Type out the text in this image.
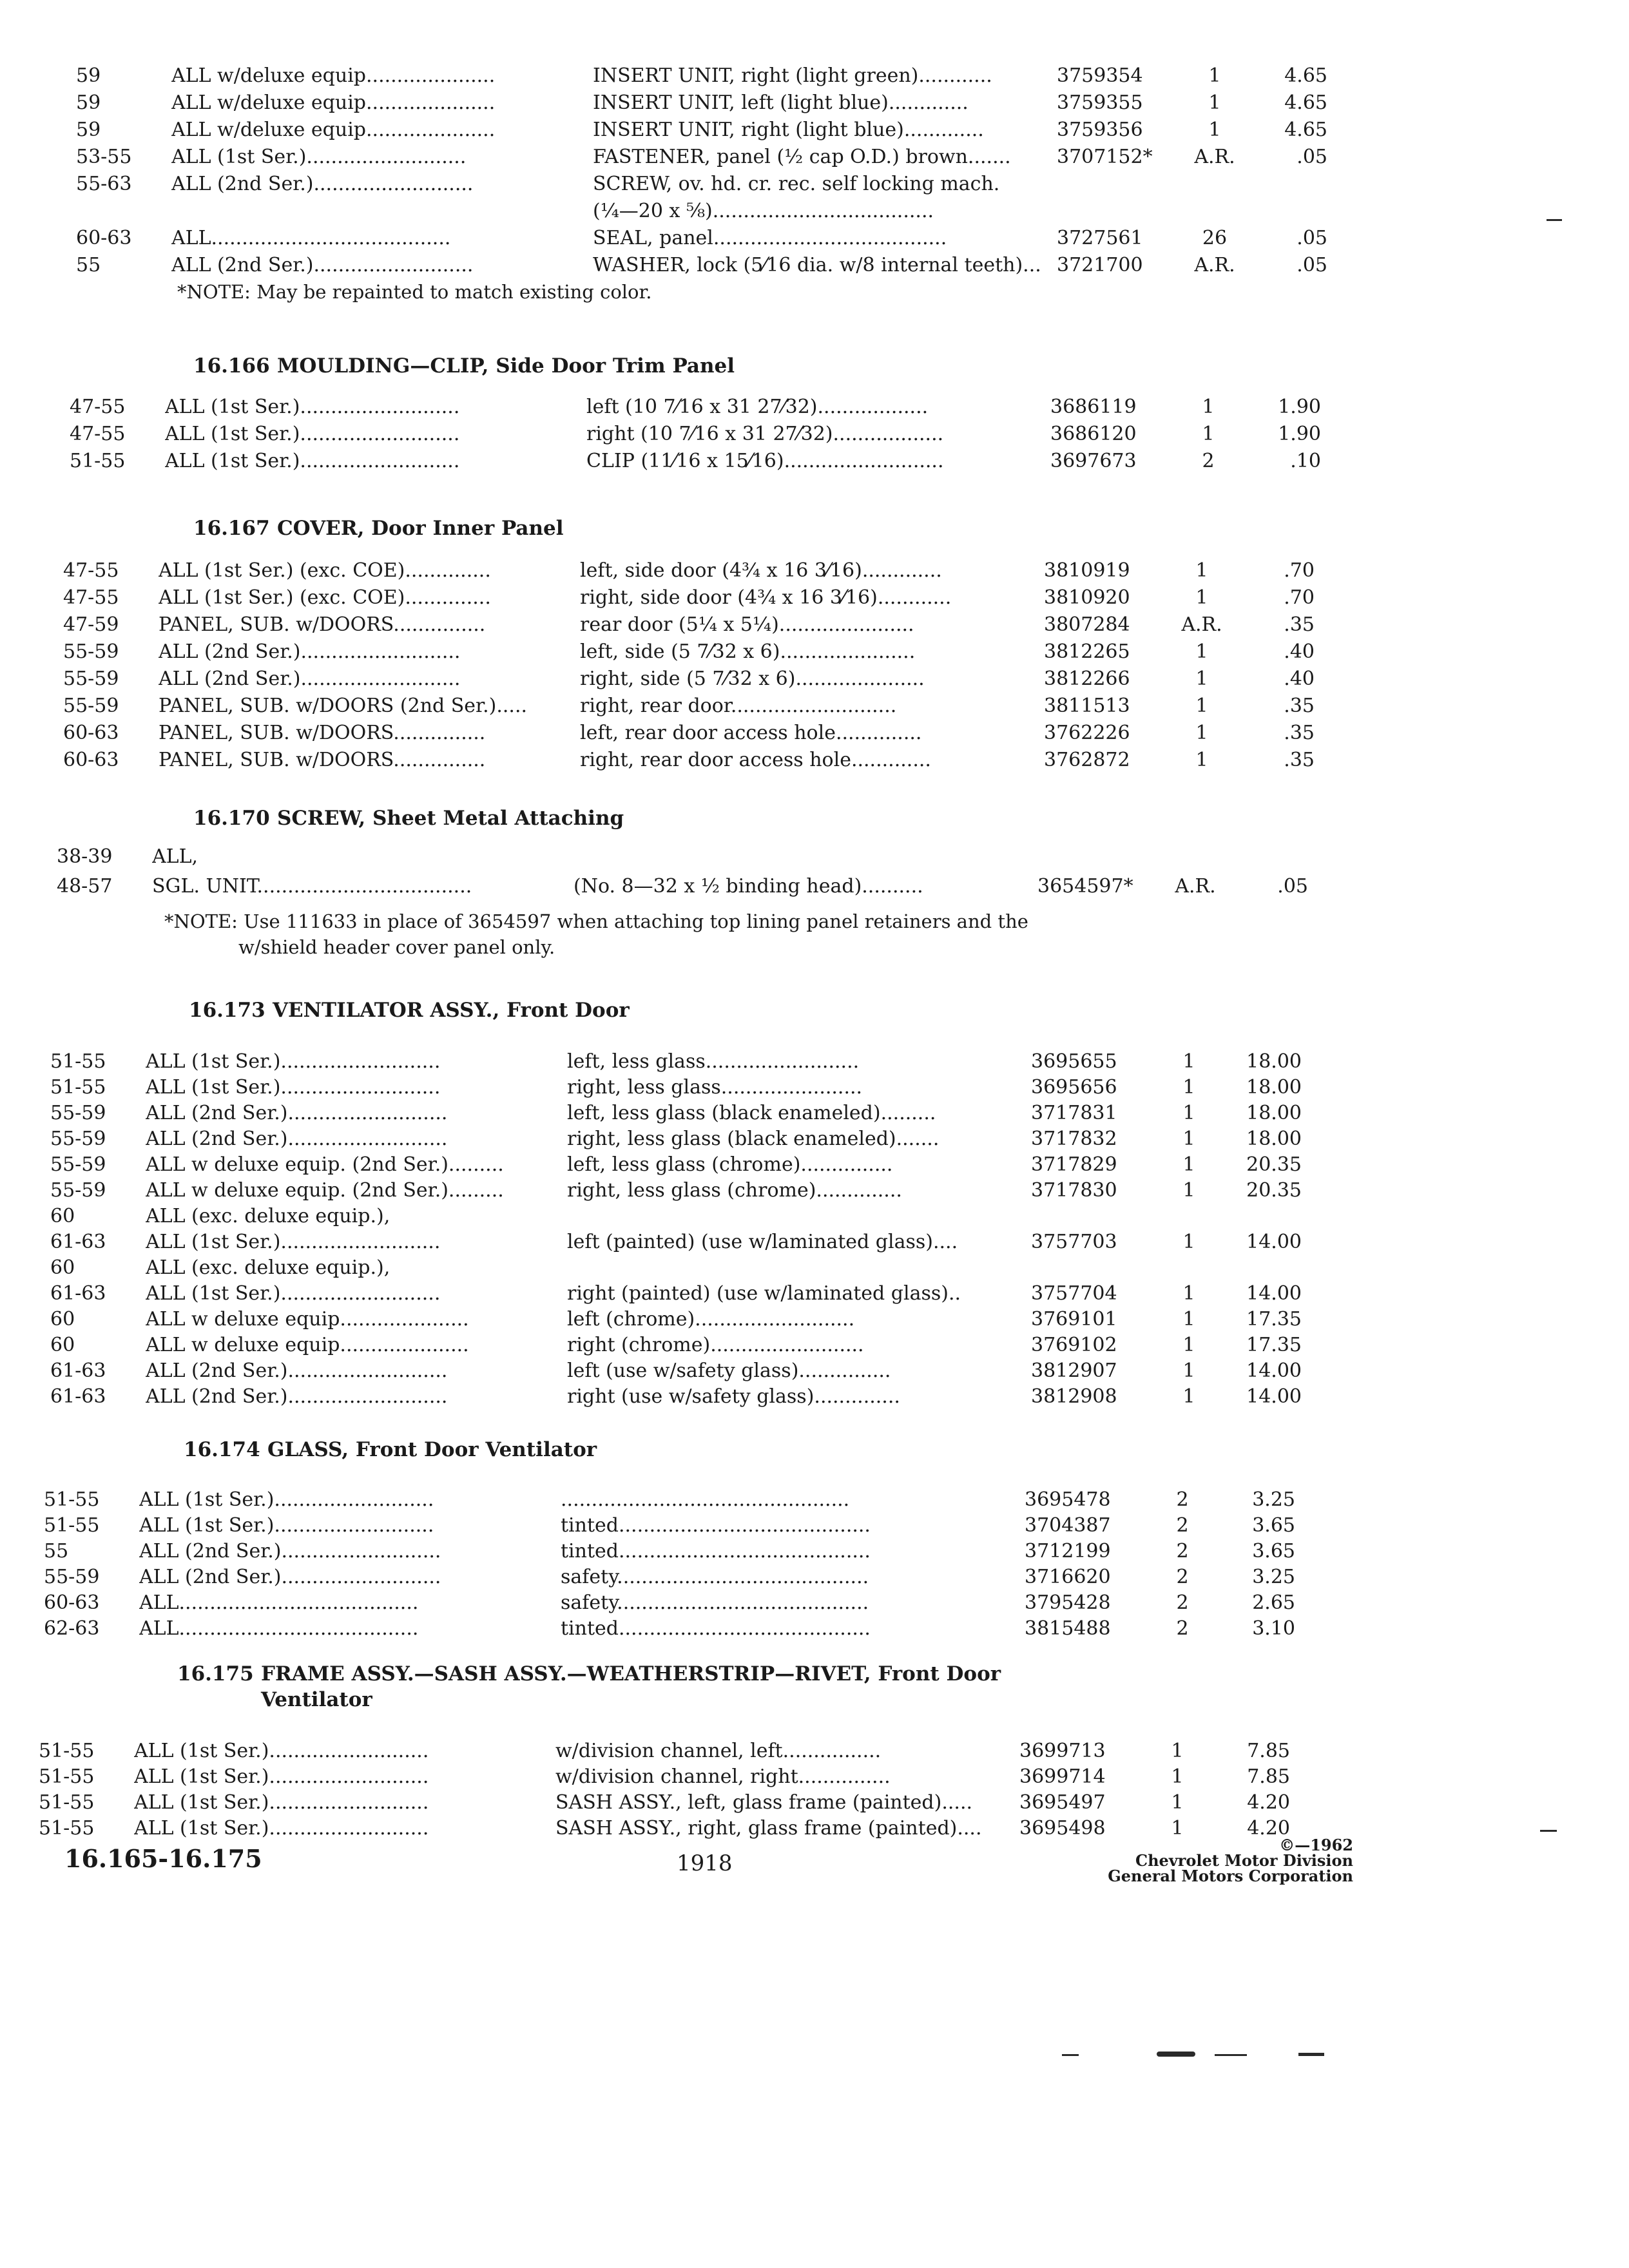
59	ALL w/deluxe equip.....................	INSERT UNIT, right (light green)............	3759354	1	4.65
59	ALL w/deluxe equip.....................	INSERT UNIT, left (light blue).............	3759355	1	4.65
59	ALL w/deluxe equip.....................	INSERT UNIT, right (light blue).............	3759356	1	4.65
53-55	ALL (1st Ser.)..........................	FASTENER, panel (½ cap O.D.) brown.......	3707152*	A.R.	.05
55-63	ALL (2nd Ser.)..........................	SCREW, ov. hd. cr. rec. self locking mach.
(¼—20 x ⅝)....................................
60-63	ALL.......................................	SEAL, panel......................................	3727561	26	.05
55	ALL (2nd Ser.)..........................	WASHER, lock (5⁄16 dia. w/8 internal teeth)... 3721700	A.R.	.05
*NOTE: May be repainted to match existing color.
16.166 MOULDING—CLIP, Side Door Trim Panel
47-55	ALL (1st Ser.)..........................	left (10 7⁄16 x 31 27⁄32)..................	3686119	1	1.90
47-55	ALL (1st Ser.)..........................	right (10 7⁄16 x 31 27⁄32)..................	3686120	1	1.90
51-55	ALL (1st Ser.)..........................	CLIP (11⁄16 x 15⁄16)..........................	3697673	2	.10
16.167 COVER, Door Inner Panel
47-55	ALL (1st Ser.) (exc. COE)..............	left, side door (4¾ x 16 3⁄16).............	3810919	1	.70
47-55	ALL (1st Ser.) (exc. COE)..............	right, side door (4¾ x 16 3⁄16)............	3810920	1	.70
47-59	PANEL, SUB. w/DOORS...............	rear door (5¼ x 5¼)......................	3807284	A.R.	.35
55-59	ALL (2nd Ser.)..........................	left, side (5 7⁄32 x 6)......................	3812265	1	.40
55-59	ALL (2nd Ser.)..........................	right, side (5 7⁄32 x 6).....................	3812266	1	.40
55-59	PANEL, SUB. w/DOORS (2nd Ser.).....	right, rear door...........................	3811513	1	.35
60-63	PANEL, SUB. w/DOORS...............	left, rear door access hole..............	3762226	1	.35
60-63	PANEL, SUB. w/DOORS...............	right, rear door access hole.............	3762872	1	.35
16.170 SCREW, Sheet Metal Attaching
38-39	ALL,
48-57	SGL. UNIT...................................	(No. 8—32 x ½ binding head)..........	3654597*	A.R.	.05
*NOTE: Use 111633 in place of 3654597 when attaching top lining panel retainers and the
w/shield header cover panel only.
16.173 VENTILATOR ASSY., Front Door
51-55	ALL (1st Ser.)..........................	left, less glass.........................	3695655	1	18.00
51-55	ALL (1st Ser.)..........................	right, less glass.......................	3695656	1	18.00
55-59	ALL (2nd Ser.)..........................	left, less glass (black enameled).........	3717831	1	18.00
55-59	ALL (2nd Ser.)..........................	right, less glass (black enameled).......	3717832	1	18.00
55-59	ALL w deluxe equip. (2nd Ser.).........	left, less glass (chrome)...............	3717829	1	20.35
55-59	ALL w deluxe equip. (2nd Ser.).........	right, less glass (chrome)..............	3717830	1	20.35
60	ALL (exc. deluxe equip.),
61-63	ALL (1st Ser.)..........................	left (painted) (use w/laminated glass)....	3757703	1	14.00
60	ALL (exc. deluxe equip.),
61-63	ALL (1st Ser.)..........................	right (painted) (use w/laminated glass)..	3757704	1	14.00
60	ALL w deluxe equip.....................	left (chrome)..........................	3769101	1	17.35
60	ALL w deluxe equip.....................	right (chrome).........................	3769102	1	17.35
61-63	ALL (2nd Ser.)..........................	left (use w/safety glass)...............	3812907	1	14.00
61-63	ALL (2nd Ser.)..........................	right (use w/safety glass)..............	3812908	1	14.00
16.174 GLASS, Front Door Ventilator
51-55	ALL (1st Ser.)..........................	...............................................	3695478	2	3.25
51-55	ALL (1st Ser.)..........................	tinted.........................................	3704387	2	3.65
55	ALL (2nd Ser.)..........................	tinted.........................................	3712199	2	3.65
55-59	ALL (2nd Ser.)..........................	safety.........................................	3716620	2	3.25
60-63	ALL.......................................	safety.........................................	3795428	2	2.65
62-63	ALL.......................................	tinted.........................................	3815488	2	3.10
16.175 FRAME ASSY.—SASH ASSY.—WEATHERSTRIP—RIVET, Front Door
Ventilator
51-55	ALL (1st Ser.)..........................	w/division channel, left................	3699713	1	7.85
51-55	ALL (1st Ser.)..........................	w/division channel, right...............	3699714	1	7.85
51-55	ALL (1st Ser.)..........................	SASH ASSY., left, glass frame (painted).....	3695497	1	4.20
51-55	ALL (1st Ser.)..........................	SASH ASSY., right, glass frame (painted)....	3695498	1	4.20
16.165-16.175	1918
©—1962
Chevrolet Motor Division
General Motors Corporation
